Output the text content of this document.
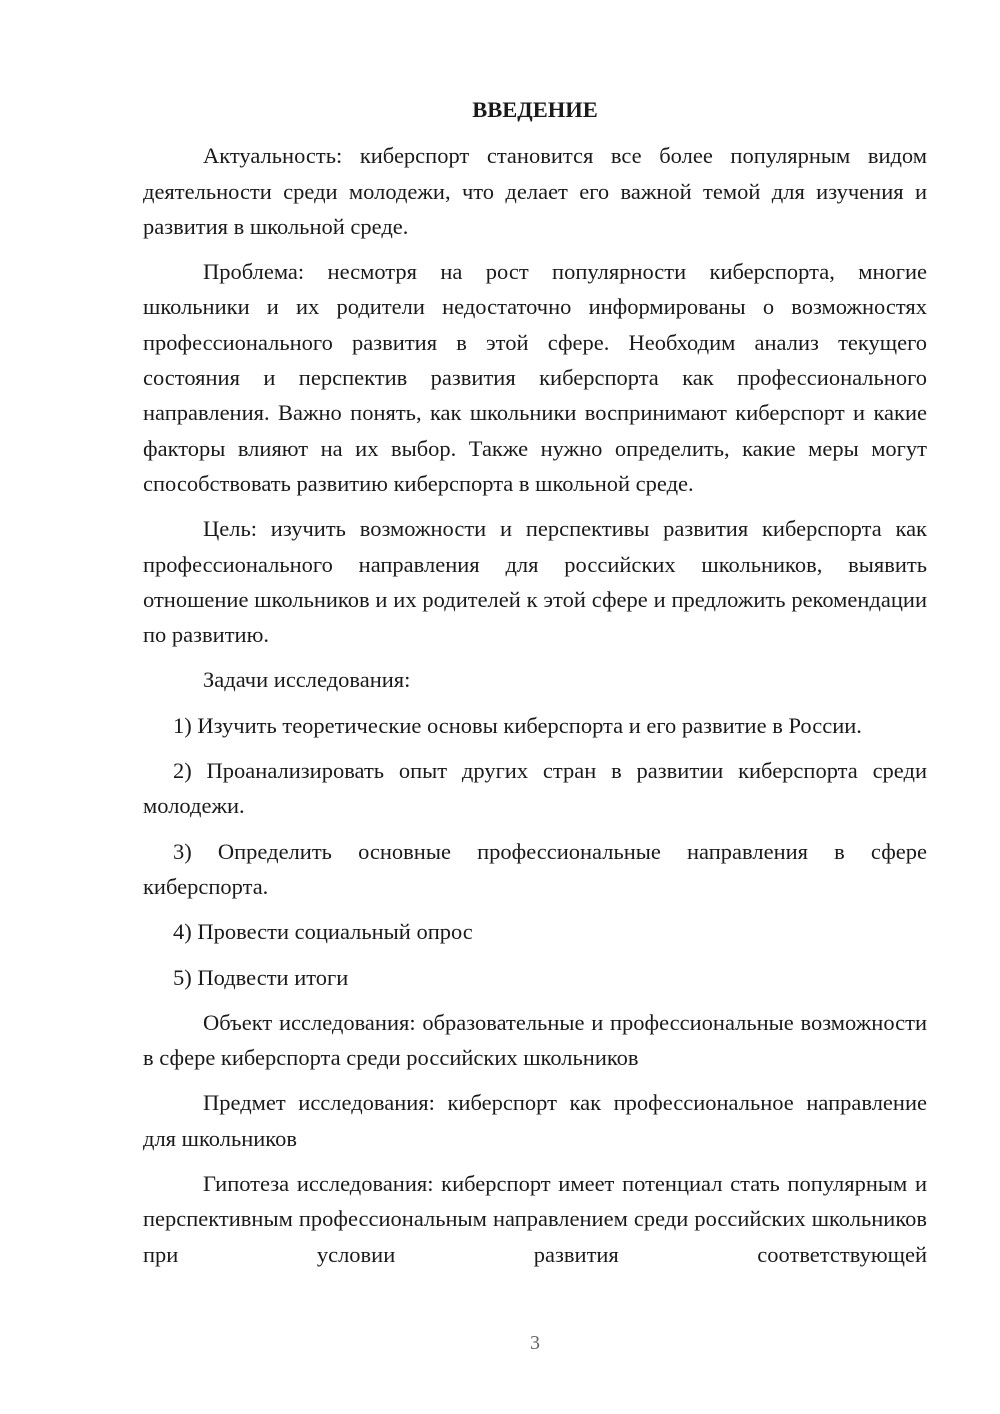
ВВЕДЕНИЕ

Актуальность: киберспорт становится все более популярным видом деятельности среди молодежи, что делает его важной темой для изучения и развития в школьной среде.

Проблема: несмотря на рост популярности киберспорта, многие школьники и их родители недостаточно информированы о возможностях профессионального развития в этой сфере. Необходим анализ текущего состояния и перспектив развития киберспорта как профессионального направления. Важно понять, как школьники воспринимают киберспорт и какие факторы влияют на их выбор. Также нужно определить, какие меры могут способствовать развитию киберспорта в школьной среде.

Цель: изучить возможности и перспективы развития киберспорта как профессионального направления для российских школьников, выявить отношение школьников и их родителей к этой сфере и предложить рекомендации по развитию.

Задачи исследования:

1) Изучить теоретические основы киберспорта и его развитие в России.

2) Проанализировать опыт других стран в развитии киберспорта среди молодежи.

3) Определить основные профессиональные направления в сфере киберспорта.

4) Провести социальный опрос

5) Подвести итоги

Объект исследования: образовательные и профессиональные возможности в сфере киберспорта среди российских школьников

Предмет исследования: киберспорт как профессиональное направление для школьников

Гипотеза исследования: киберспорт имеет потенциал стать популярным и перспективным профессиональным направлением среди российских школьников при условии развития соответствующей

3
